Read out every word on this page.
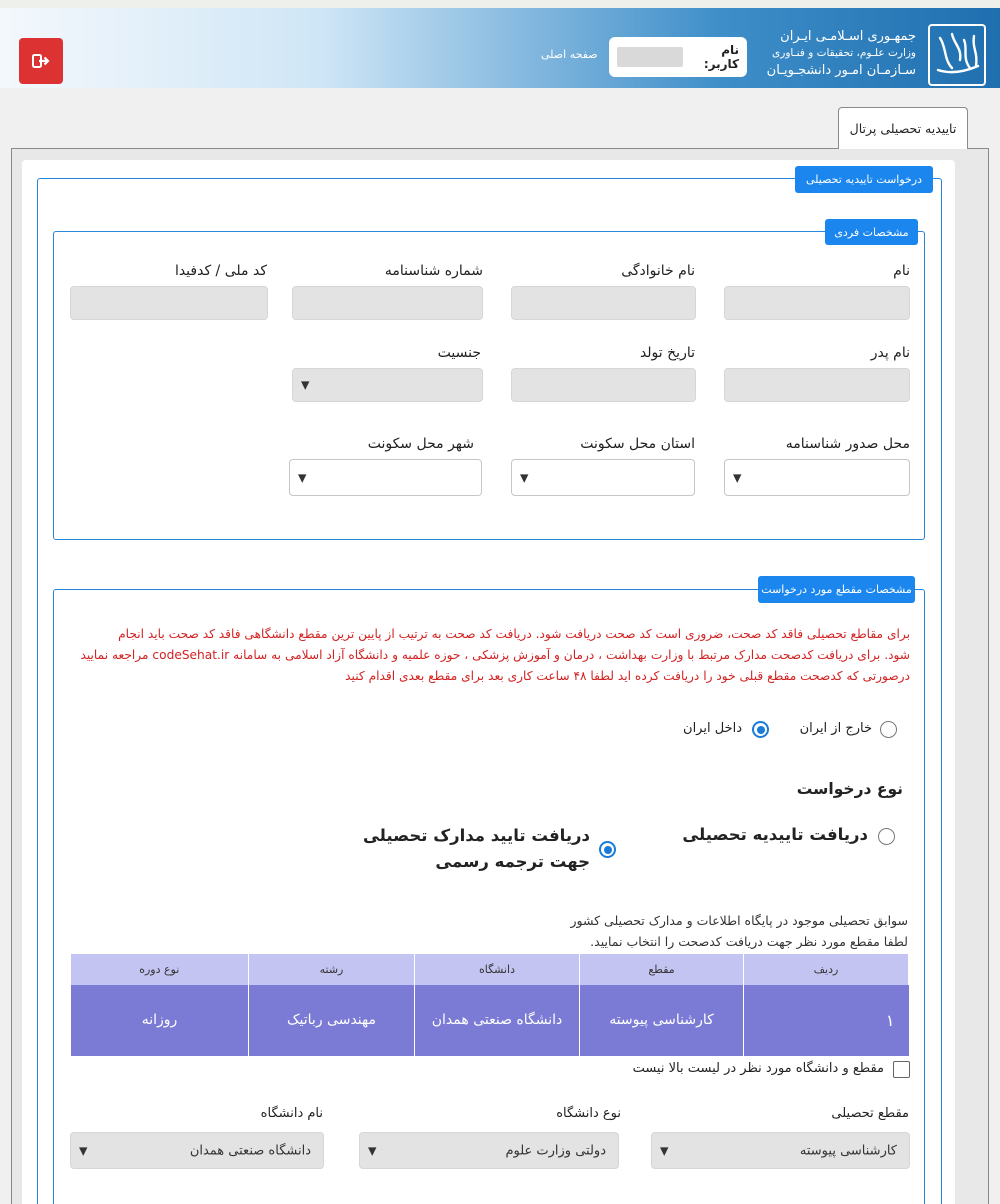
صفحه اصلی	نام کاربر:
جمهـوری اسـلامـی ایـران
وزارت علـوم، تحقیقات و فنـاوری
سـازمـان امـور دانشجـویـان
تاییدیه تحصیلی پرتال
درخواست تاییدیه تحصیلی
مشخصات فردی
نام
نام خانوادگی
شماره شناسنامه
کد ملی / کدفیدا
نام پدر
تاریخ تولد
جنسیت
▼
محل صدور شناسنامه
استان محل سکونت
شهر محل سکونت
▼
▼
▼
مشخصات مقطع مورد درخواست
برای مقاطع تحصیلی فاقد کد صحت، ضروری است کد صحت دریافت شود. دریافت کد صحت به ترتیب از پایین ترین مقطع دانشگاهی فاقد کد صحت باید انجام
شود. برای دریافت کدصحت مدارک مرتبط با وزارت بهداشت ، درمان و آموزش پزشکی ، حوزه علمیه و دانشگاه آزاد اسلامی به سامانه codeSehat.ir مراجعه نمایید
درصورتی که کدصحت مقطع قبلی خود را دریافت کرده اید لطفا ۴۸ ساعت کاری بعد برای مقطع بعدی اقدام کنید
خارج از ایران
داخل ایران
نوع درخواست
دریافت تاییدیه تحصیلی
دریافت تایید مدارک تحصیلی
جهت ترجمه رسمی
سوابق تحصیلی موجود در پایگاه اطلاعات و مدارک تحصیلی کشور
لطفا مقطع مورد نظر جهت دریافت کدصحت را انتخاب نمایید.
ردیف	مقطع	دانشگاه	رشته	نوع دوره
۱	کارشناسی پیوسته	دانشگاه صنعتی همدان	مهندسی رباتیک	روزانه
مقطع و دانشگاه مورد نظر در لیست بالا نیست
مقطع تحصیلی
نوع دانشگاه
نام دانشگاه
▼	کارشناسی پیوسته
▼	دولتی وزارت علوم
▼	دانشگاه صنعتی همدان
